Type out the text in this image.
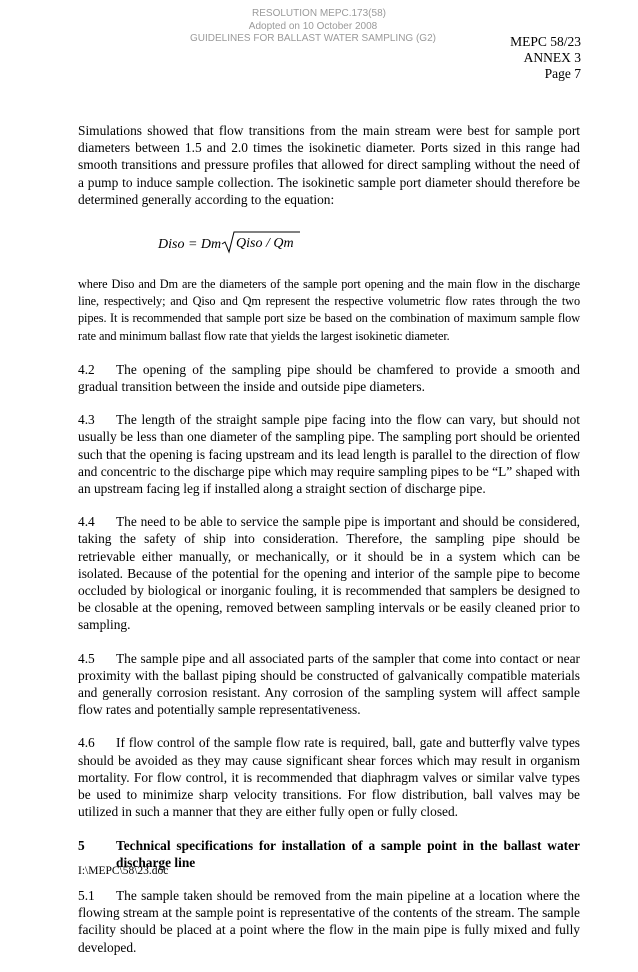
RESOLUTION MEPC.173(58)
Adopted on 10 October 2008
GUIDELINES FOR BALLAST WATER SAMPLING (G2)	MEPC 58/23
ANNEX 3
Page 7

Simulations showed that flow transitions from the main stream were best for sample port diameters between 1.5 and 2.0 times the isokinetic diameter. Ports sized in this range had smooth transitions and pressure profiles that allowed for direct sampling without the need of a pump to induce sample collection. The isokinetic sample port diameter should therefore be determined generally according to the equation:

Diso = Dm Qiso / Qm

where Diso and Dm are the diameters of the sample port opening and the main flow in the discharge line, respectively; and Qiso and Qm represent the respective volumetric flow rates through the two pipes. It is recommended that sample port size be based on the combination of maximum sample flow rate and minimum ballast flow rate that yields the largest isokinetic diameter.

4.2 The opening of the sampling pipe should be chamfered to provide a smooth and gradual transition between the inside and outside pipe diameters.

4.3 The length of the straight sample pipe facing into the flow can vary, but should not usually be less than one diameter of the sampling pipe. The sampling port should be oriented such that the opening is facing upstream and its lead length is parallel to the direction of flow and concentric to the discharge pipe which may require sampling pipes to be “L” shaped with an upstream facing leg if installed along a straight section of discharge pipe.

4.4 The need to be able to service the sample pipe is important and should be considered, taking the safety of ship into consideration. Therefore, the sampling pipe should be retrievable either manually, or mechanically, or it should be in a system which can be isolated. Because of the potential for the opening and interior of the sample pipe to become occluded by biological or inorganic fouling, it is recommended that samplers be designed to be closable at the opening, removed between sampling intervals or be easily cleaned prior to sampling.

4.5 The sample pipe and all associated parts of the sampler that come into contact or near proximity with the ballast piping should be constructed of galvanically compatible materials and generally corrosion resistant. Any corrosion of the sampling system will affect sample flow rates and potentially sample representativeness.

4.6 If flow control of the sample flow rate is required, ball, gate and butterfly valve types should be avoided as they may cause significant shear forces which may result in organism mortality. For flow control, it is recommended that diaphragm valves or similar valve types be used to minimize sharp velocity transitions. For flow distribution, ball valves may be utilized in such a manner that they are either fully open or fully closed.

5	Technical specifications for installation of a sample point in the ballast water discharge line

5.1 The sample taken should be removed from the main pipeline at a location where the flowing stream at the sample point is representative of the contents of the stream. The sample facility should be placed at a point where the flow in the main pipe is fully mixed and fully developed.

I:\MEPC\58\23.doc
